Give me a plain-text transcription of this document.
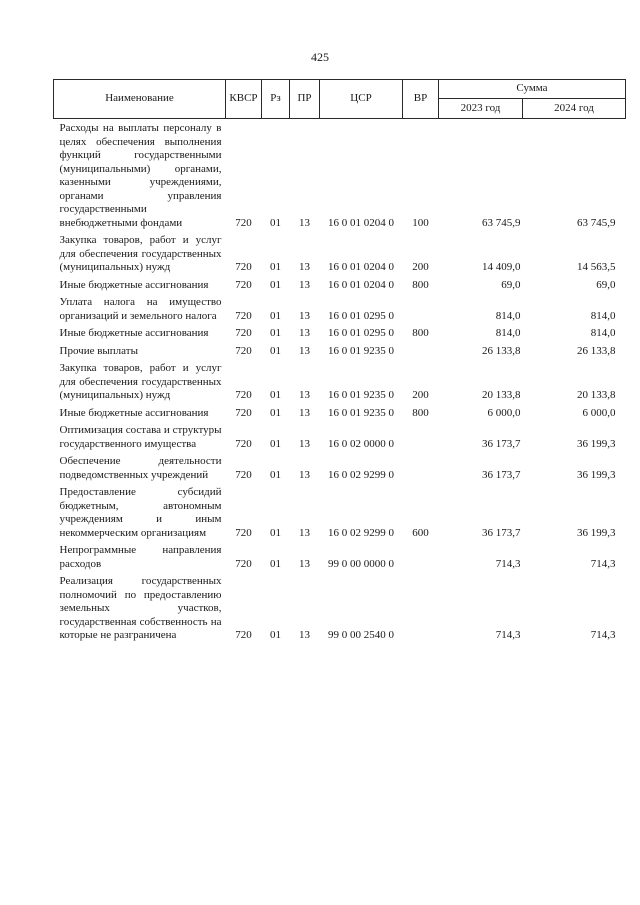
425
Наименование	КВСР	Рз	ПР	ЦСР	ВР	Сумма	
						2023 год	2024 год
Расходы на выплаты персоналу в целях обеспечения выполнения функций государственными (муниципальными) органами, казенными учреждениями, органами управления государственными внебюджетными фондами	720	01	13	16 0 01 0204 0	100	63 745,9	63 745,9
Закупка товаров, работ и услуг для обеспечения государственных (муниципальных) нужд	720	01	13	16 0 01 0204 0	200	14 409,0	14 563,5
Иные бюджетные ассигнования	720	01	13	16 0 01 0204 0	800	69,0	69,0
Уплата налога на имущество организаций и земельного налога	720	01	13	16 0 01 0295 0		814,0	814,0
Иные бюджетные ассигнования	720	01	13	16 0 01 0295 0	800	814,0	814,0
Прочие выплаты	720	01	13	16 0 01 9235 0		26 133,8	26 133,8
Закупка товаров, работ и услуг для обеспечения государственных (муниципальных) нужд	720	01	13	16 0 01 9235 0	200	20 133,8	20 133,8
Иные бюджетные ассигнования	720	01	13	16 0 01 9235 0	800	6 000,0	6 000,0
Оптимизация состава и структуры государственного имущества	720	01	13	16 0 02 0000 0		36 173,7	36 199,3
Обеспечение деятельности подведомственных учреждений	720	01	13	16 0 02 9299 0		36 173,7	36 199,3
Предоставление субсидий бюджетным, автономным учреждениям и иным некоммерческим организациям	720	01	13	16 0 02 9299 0	600	36 173,7	36 199,3
Непрограммные направления расходов	720	01	13	99 0 00 0000 0		714,3	714,3
Реализация государственных полномочий по предоставлению земельных участков, государственная собственность на которые не разграничена	720	01	13	99 0 00 2540 0		714,3	714,3
